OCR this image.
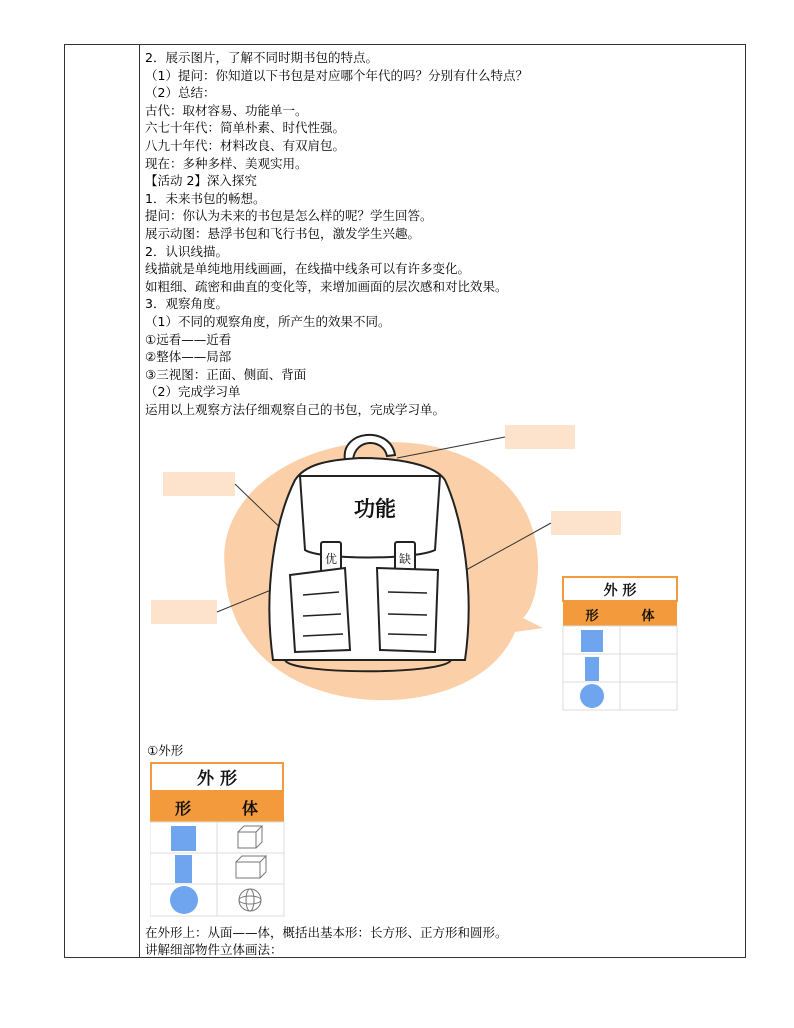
2．展示图片，了解不同时期书包的特点。
（1）提问：你知道以下书包是对应哪个年代的吗？分别有什么特点？
（2）总结：
古代：取材容易、功能单一。
六七十年代：简单朴素、时代性强。
八九十年代：材料改良、有双肩包。
现在：多种多样、美观实用。
【活动 2】深入探究
1．未来书包的畅想。
提问：你认为未来的书包是怎么样的呢？学生回答。
展示动图：悬浮书包和飞行书包，激发学生兴趣。
2．认识线描。
线描就是单纯地用线画画，在线描中线条可以有许多变化。
如粗细、疏密和曲直的变化等，来增加画面的层次感和对比效果。
3．观察角度。
（1）不同的观察角度，所产生的效果不同。
①远看——近看
②整体——局部
③三视图：正面、侧面、背面
（2）完成学习单
运用以上观察方法仔细观察自己的书包，完成学习单。
功能
优	缺
外 形
形	体
①外形
外 形
形	体
在外形上：从面——体，概括出基本形：长方形、正方形和圆形。
讲解细部物件立体画法：
